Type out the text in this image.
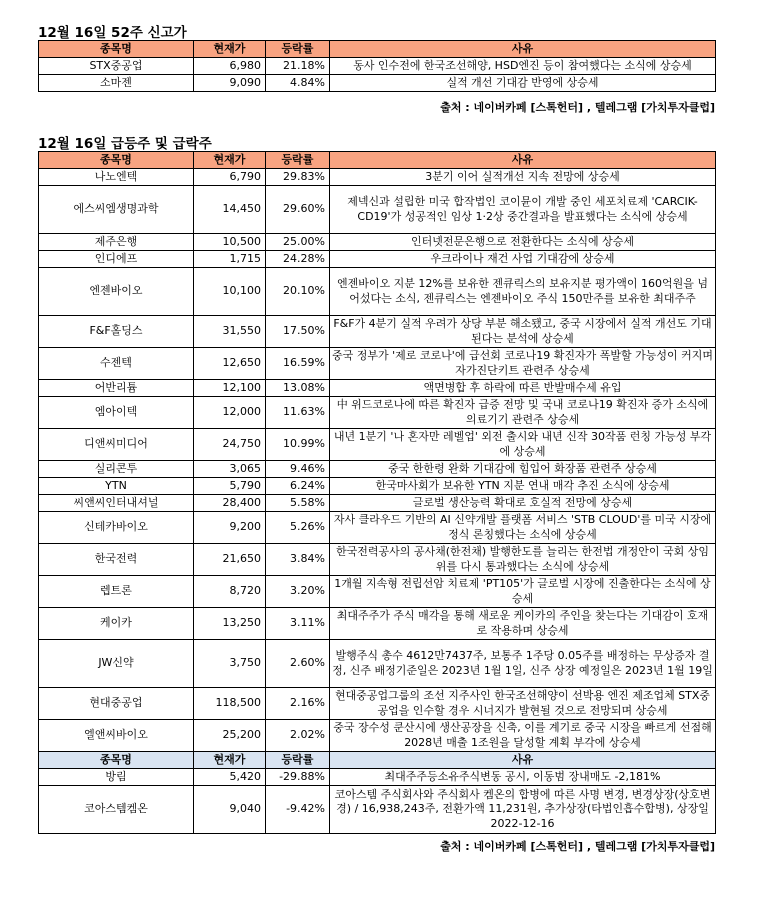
12월 16일 52주 신고가
종목명	현재가	등락률	사유
STX중공업	6,980	21.18%	동사 인수전에 한국조선해양, HSD엔진 등이 참여했다는 소식에 상승세
소마젠	9,090	4.84%	실적 개선 기대감 반영에 상승세
출처 : 네이버카페 [스톡헌터] , 텔레그램 [가치투자클럽]
12월 16일 급등주 및 급락주
종목명	현재가	등락률	사유
나노엔텍	6,790	29.83%	3분기 이어 실적개선 지속 전망에 상승세
에스씨엠생명과학	14,450	29.60%	제넥신과 설립한 미국 합작법인 코이뮨이 개발 중인 세포치료제 'CARCIK-CD19'가 성공적인 임상 1·2상 중간결과을 발표했다는 소식에 상승세
제주은행	10,500	25.00%	인터넷전문은행으로 전환한다는 소식에 상승세
인디에프	1,715	24.28%	우크라이나 재건 사업 기대감에 상승세
엔젠바이오	10,100	20.10%	엔젠바이오 지분 12%를 보유한 젠큐릭스의 보유지분 평가액이 160억원을 넘어섰다는 소식, 젠큐릭스는 엔젠바이오 주식 150만주를 보유한 최대주주
F&F홀딩스	31,550	17.50%	F&F가 4분기 실적 우려가 상당 부분 해소됐고, 중국 시장에서 실적 개선도 기대된다는 분석에 상승세
수젠텍	12,650	16.59%	중국 정부가 '제로 코로나'에 급선회 코로나19 확진자가 폭발할 가능성이 커지며 자가진단키트 관련주 상승세
어반리튬	12,100	13.08%	액면병합 후 하락에 따른 반발매수세 유입
엠아이텍	12,000	11.63%	中 위드코로나에 따른 확진자 급증 전망 및 국내 코로나19 확진자 증가 소식에 의료기기 관련주 상승세
디앤씨미디어	24,750	10.99%	내년 1분기 '나 혼자만 레벨업' 외전 출시와 내년 신작 30작품 런칭 가능성 부각에 상승세
실리콘투	3,065	9.46%	중국 한한령 완화 기대감에 힘입어 화장품 관련주 상승세
YTN	5,790	6.24%	한국마사회가 보유한 YTN 지분 연내 매각 추진 소식에 상승세
씨앤씨인터내셔널	28,400	5.58%	글로벌 생산능력 확대로 호실적 전망에 상승세
신테카바이오	9,200	5.26%	자사 클라우드 기반의 AI 신약개발 플랫폼 서비스 'STB CLOUD'를 미국 시장에 정식 론칭했다는 소식에 상승세
한국전력	21,650	3.84%	한국전력공사의 공사채(한전채) 발행한도를 늘리는 한전법 개정안이 국회 상임위를 다시 통과했다는 소식에 상승세
렙트론	8,720	3.20%	1개월 지속형 전립선암 치료제 'PT105'가 글로벌 시장에 진출한다는 소식에 상승세
케이카	13,250	3.11%	최대주주가 주식 매각을 통해 새로운 케이카의 주인을 찾는다는 기대감이 호재로 작용하며 상승세
JW신약	3,750	2.60%	발행주식 총수 4612만7437주, 보통주 1주당 0.05주를 배정하는 무상증자 결정, 신주 배정기준일은 2023년 1월 1일, 신주 상장 예정일은 2023년 1월 19일
현대중공업	118,500	2.16%	현대중공업그룹의 조선 지주사인 한국조선해양이 선박용 엔진 제조업체 STX중공업을 인수할 경우 시너지가 발현될 것으로 전망되며 상승세
엘앤씨바이오	25,200	2.02%	중국 장수성 쿤산시에 생산공장을 신축, 이를 계기로 중국 시장을 빠르게 선점해 2028년 매출 1조원을 달성할 계획 부각에 상승세
종목명	현재가	등락률	사유
방림	5,420	-29.88%	최대주주등소유주식변동 공시, 이동범 장내매도 -2,181%
코아스템켐온	9,040	-9.42%	코아스템 주식회사와 주식회사 켐온의 합병에 따른 사명 변경, 변경상장(상호변경) / 16,938,243주, 전환가액 11,231원, 추가상장(타법인흡수합병), 상장일 2022-12-16
출처 : 네이버카페 [스톡헌터] , 텔레그램 [가치투자클럽]
